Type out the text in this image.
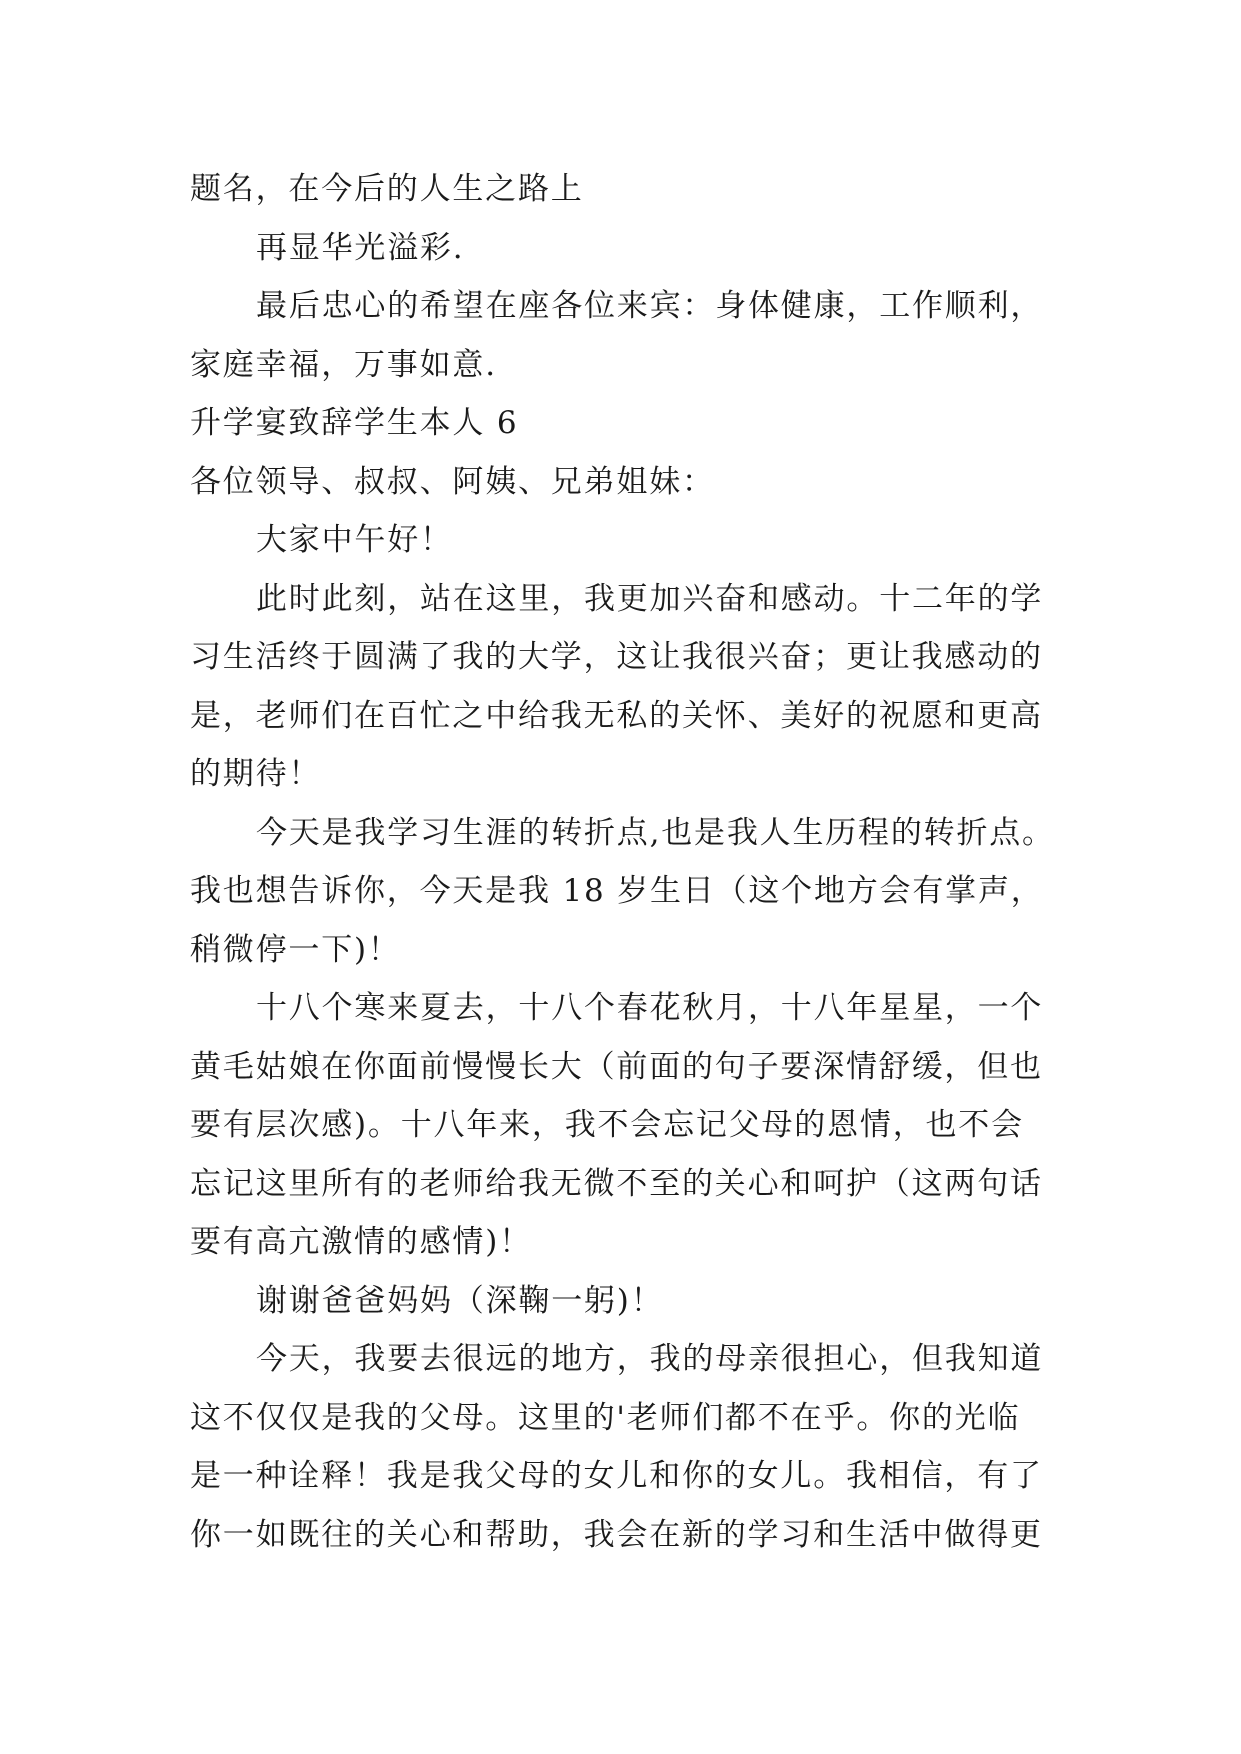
题名，在今后的人生之路上
再显华光溢彩.
最后忠心的希望在座各位来宾：身体健康，工作顺利，
家庭幸福，万事如意.
升学宴致辞学生本人 6
各位领导、叔叔、阿姨、兄弟姐妹：
大家中午好！
此时此刻，站在这里，我更加兴奋和感动。十二年的学
习生活终于圆满了我的大学，这让我很兴奋；更让我感动的
是，老师们在百忙之中给我无私的关怀、美好的祝愿和更高
的期待！
今天是我学习生涯的转折点,也是我人生历程的转折点。
我也想告诉你，今天是我 18 岁生日（这个地方会有掌声，
稍微停一下)！
十八个寒来夏去，十八个春花秋月，十八年星星，一个
黄毛姑娘在你面前慢慢长大（前面的句子要深情舒缓，但也
要有层次感)。十八年来，我不会忘记父母的恩情，也不会
忘记这里所有的老师给我无微不至的关心和呵护（这两句话
要有高亢激情的感情)！
谢谢爸爸妈妈（深鞠一躬)！
今天，我要去很远的地方，我的母亲很担心，但我知道
这不仅仅是我的父母。这里的'老师们都不在乎。你的光临
是一种诠释！我是我父母的女儿和你的女儿。我相信，有了
你一如既往的关心和帮助，我会在新的学习和生活中做得更
